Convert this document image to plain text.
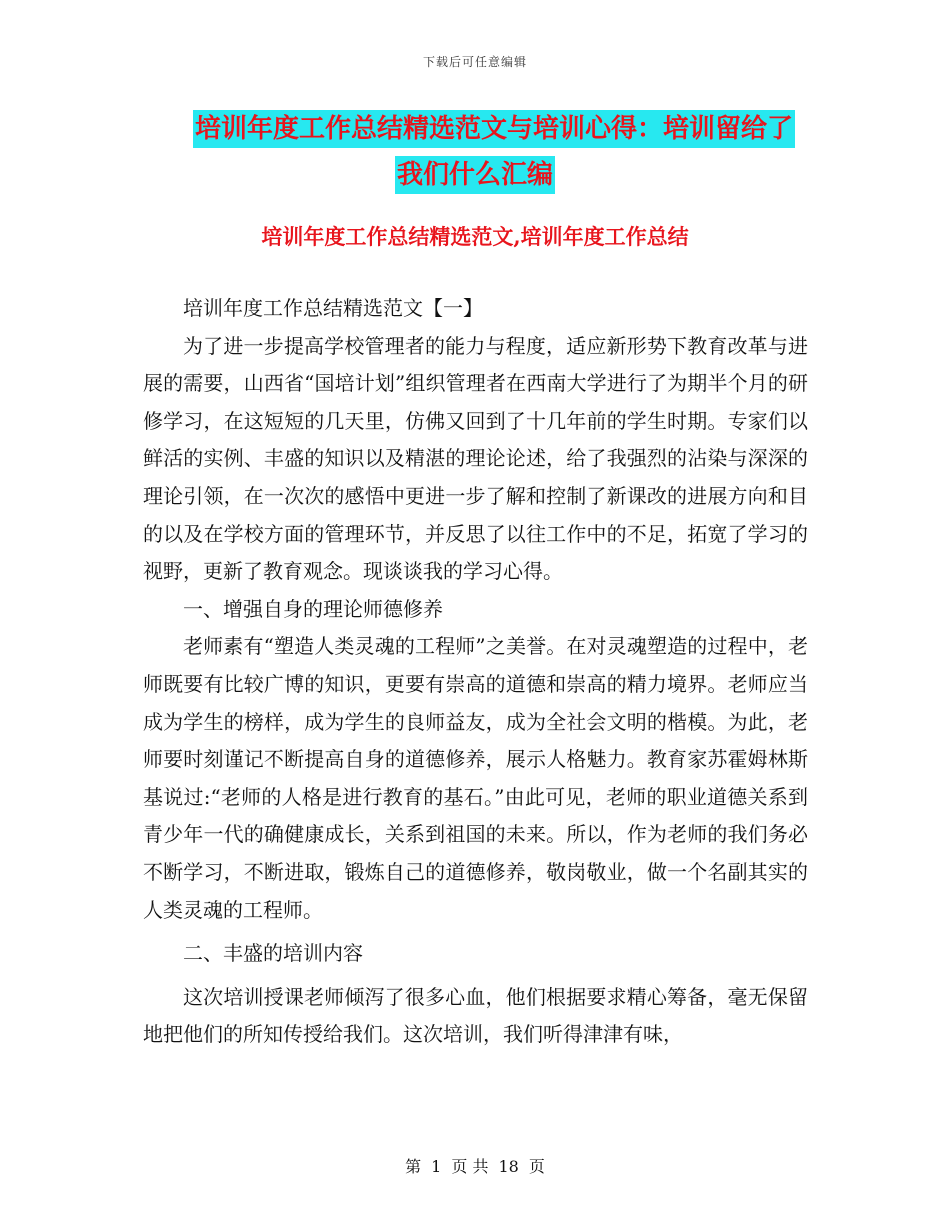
下载后可任意编辑
培训年度工作总结精选范文与培训心得：培训留给了
我们什么汇编
培训年度工作总结精选范文,培训年度工作总结

培训年度工作总结精选范文【一】

为了进一步提高学校管理者的能力与程度，适应新形势下教育改革与进展的需要，山西省“国培计划”组织管理者在西南大学进行了为期半个月的研修学习，在这短短的几天里，仿佛又回到了十几年前的学生时期。专家们以鲜活的实例、丰盛的知识以及精湛的理论论述，给了我强烈的沾染与深深的理论引领，在一次次的感悟中更进一步了解和控制了新课改的进展方向和目的以及在学校方面的管理环节，并反思了以往工作中的不足，拓宽了学习的视野，更新了教育观念。现谈谈我的学习心得。

一、增强自身的理论师德修养

老师素有“塑造人类灵魂的工程师”之美誉。在对灵魂塑造的过程中，老师既要有比较广博的知识，更要有崇高的道德和崇高的精力境界。老师应当成为学生的榜样，成为学生的良师益友，成为全社会文明的楷模。为此，老师要时刻谨记不断提高自身的道德修养，展示人格魅力。教育家苏霍姆林斯基说过:“老师的人格是进行教育的基石。”由此可见，老师的职业道德关系到青少年一代的确健康成长，关系到祖国的未来。所以，作为老师的我们务必不断学习，不断进取，锻炼自己的道德修养，敬岗敬业，做一个名副其实的人类灵魂的工程师。

二、丰盛的培训内容

这次培训授课老师倾泻了很多心血，他们根据要求精心筹备，毫无保留地把他们的所知传授给我们。这次培训，我们听得津津有味，

第 1 页 共 18 页
